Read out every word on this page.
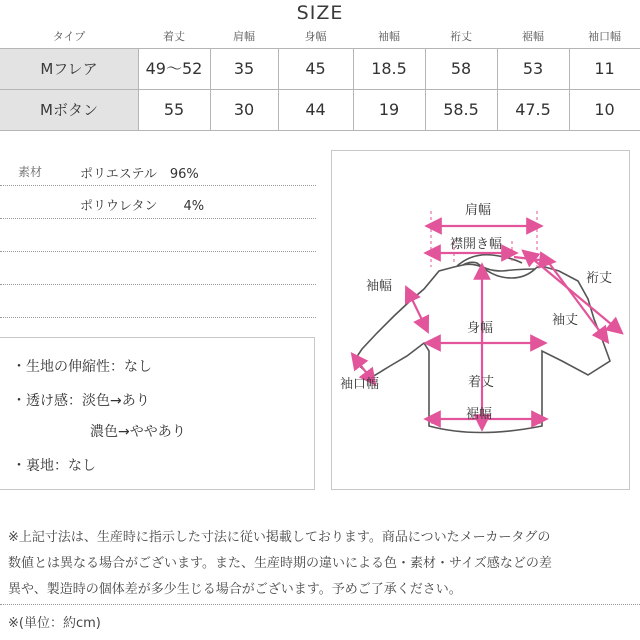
SIZE
タイプ	着丈	肩幅	身幅	袖幅	裄丈	裾幅	袖口幅
Mフレア	49〜52	35	45	18.5	58	53	11
Mボタン	55	30	44	19	58.5	47.5	10
素材	ポリエステル　96%
ポリウレタン　　4%
・生地の伸縮性：なし
・透け感：淡色→あり
濃色→ややあり
・裏地：なし
肩幅
襟開き幅
袖幅
裄丈
袖丈
身幅
袖口幅	着丈
裾幅
※上記寸法は、生産時に指示した寸法に従い掲載しております。商品についたメーカータグの
数値とは異なる場合がございます。また、生産時期の違いによる色・素材・サイズ感などの差
異や、製造時の個体差が多少生じる場合がございます。予めご了承ください。
※(単位：約cm)
